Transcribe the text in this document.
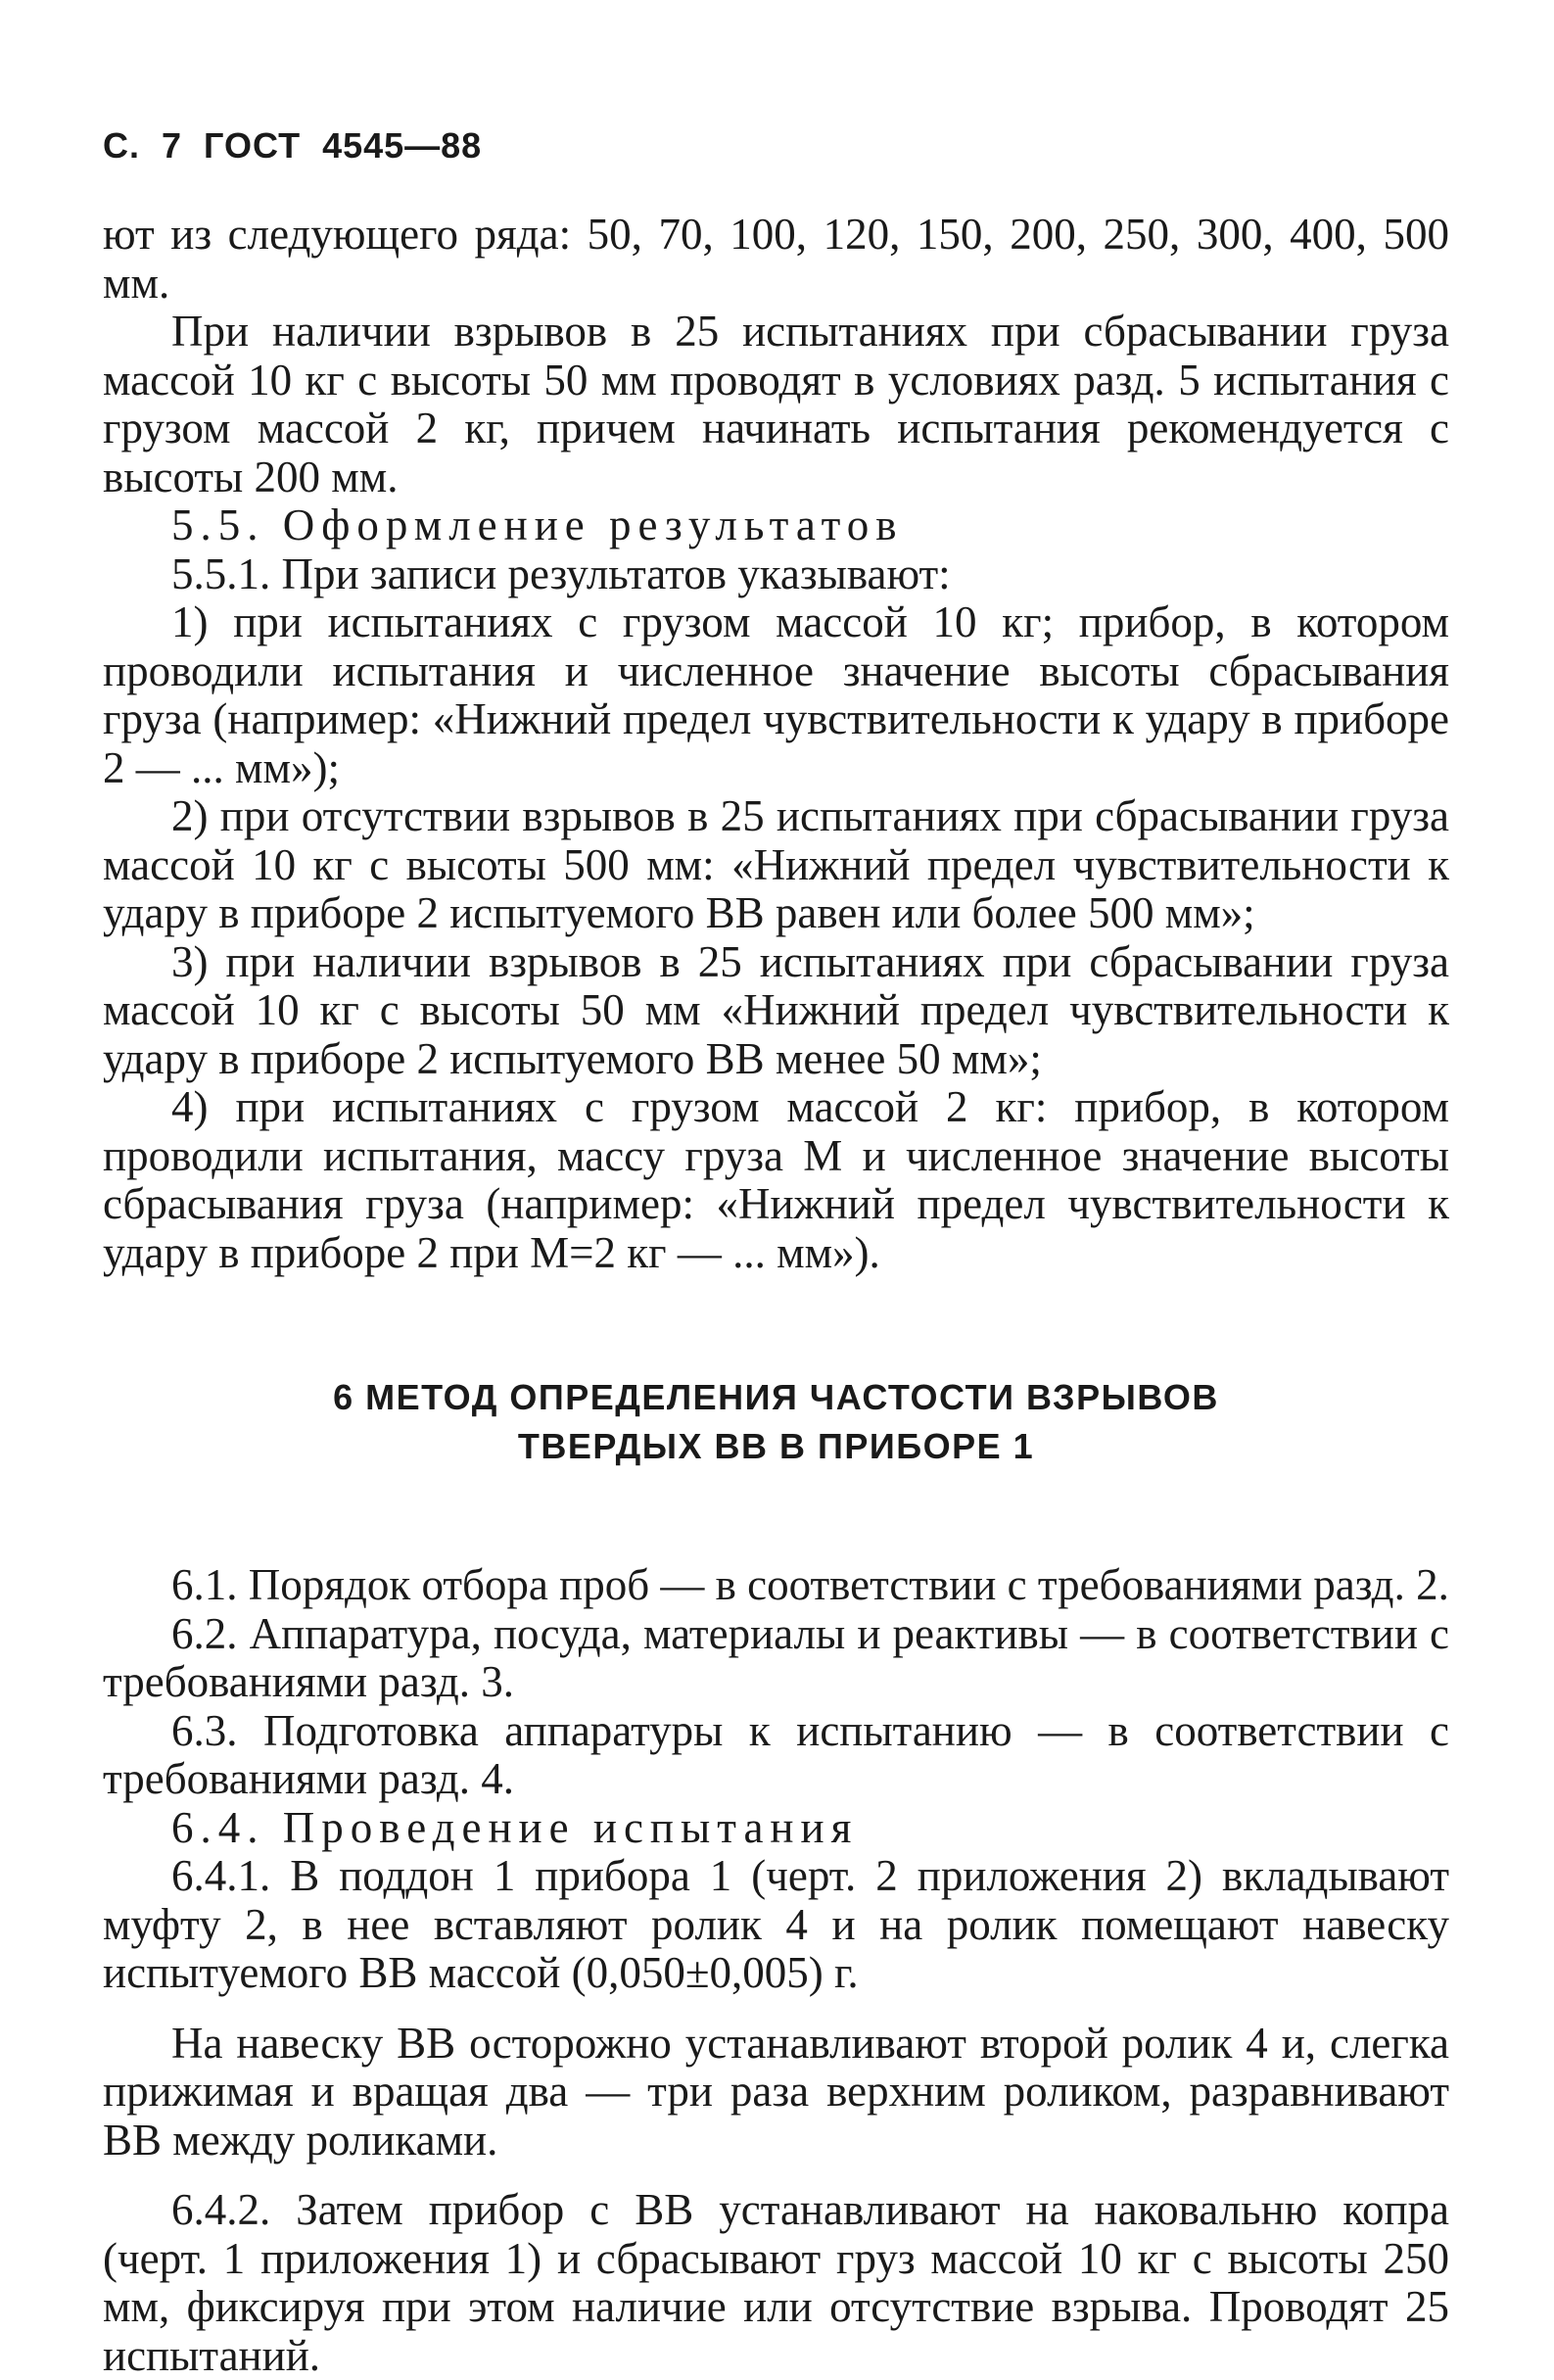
С. 7 ГОСТ 4545—88

ют из следующего ряда: 50, 70, 100, 120, 150, 200, 250, 300, 400, 500 мм.

При наличии взрывов в 25 испытаниях при сбрасывании груза массой 10 кг с высоты 50 мм проводят в условиях разд. 5 испытания с грузом массой 2 кг, причем начинать испытания рекомендуется с высоты 200 мм.

5.5. Оформление результатов

5.5.1. При записи результатов указывают:

1) при испытаниях с грузом массой 10 кг; прибор, в котором проводили испытания и численное значение высоты сбрасывания груза (например: «Нижний предел чувствительности к удару в приборе 2 — ... мм»);

2) при отсутствии взрывов в 25 испытаниях при сбрасывании груза массой 10 кг с высоты 500 мм: «Нижний предел чувствительности к удару в приборе 2 испытуемого ВВ равен или более 500 мм»;

3) при наличии взрывов в 25 испытаниях при сбрасывании груза массой 10 кг с высоты 50 мм «Нижний предел чувствительности к удару в приборе 2 испытуемого ВВ менее 50 мм»;

4) при испытаниях с грузом массой 2 кг: прибор, в котором проводили испытания, массу груза М и численное значение высоты сбрасывания груза (например: «Нижний предел чувствительности к удару в приборе 2 при М=2 кг — ... мм»).

6 МЕТОД ОПРЕДЕЛЕНИЯ ЧАСТОСТИ ВЗРЫВОВ
ТВЕРДЫХ ВВ В ПРИБОРЕ 1

6.1. Порядок отбора проб — в соответствии с требованиями разд. 2.

6.2. Аппаратура, посуда, материалы и реактивы — в соответствии с требованиями разд. 3.

6.3. Подготовка аппаратуры к испытанию — в соответствии с требованиями разд. 4.

6.4. Проведение испытания

6.4.1. В поддон 1 прибора 1 (черт. 2 приложения 2) вкладывают муфту 2, в нее вставляют ролик 4 и на ролик помещают навеску испытуемого ВВ массой (0,050±0,005) г.

На навеску ВВ осторожно устанавливают второй ролик 4 и, слегка прижимая и вращая два — три раза верхним роликом, разравнивают ВВ между роликами.

6.4.2. Затем прибор с ВВ устанавливают на наковальню копра (черт. 1 приложения 1) и сбрасывают груз массой 10 кг с высоты 250 мм, фиксируя при этом наличие или отсутствие взрыва. Проводят 25 испытаний.
